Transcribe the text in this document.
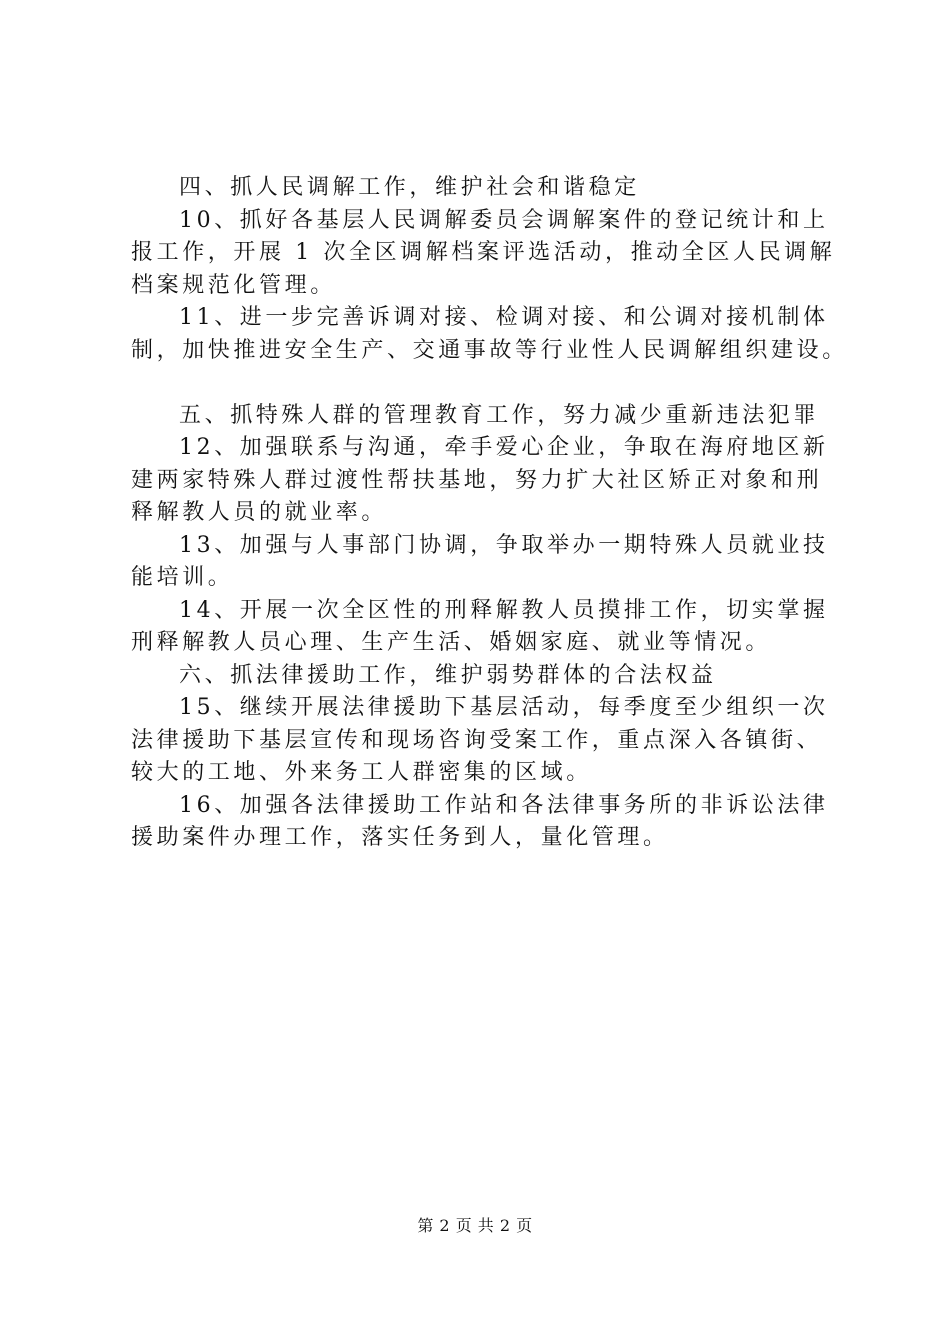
四、抓人民调解工作，维护社会和谐稳定
10、抓好各基层人民调解委员会调解案件的登记统计和上
报工作，开展 1 次全区调解档案评选活动，推动全区人民调解
档案规范化管理。
11、进一步完善诉调对接、检调对接、和公调对接机制体
制，加快推进安全生产、交通事故等行业性人民调解组织建设。
五、抓特殊人群的管理教育工作，努力减少重新违法犯罪
12、加强联系与沟通，牵手爱心企业，争取在海府地区新
建两家特殊人群过渡性帮扶基地，努力扩大社区矫正对象和刑
释解教人员的就业率。
13、加强与人事部门协调，争取举办一期特殊人员就业技
能培训。
14、开展一次全区性的刑释解教人员摸排工作，切实掌握
刑释解教人员心理、生产生活、婚姻家庭、就业等情况。
六、抓法律援助工作，维护弱势群体的合法权益
15、继续开展法律援助下基层活动，每季度至少组织一次
法律援助下基层宣传和现场咨询受案工作，重点深入各镇街、
较大的工地、外来务工人群密集的区域。
16、加强各法律援助工作站和各法律事务所的非诉讼法律
援助案件办理工作，落实任务到人，量化管理。
第 2 页 共 2 页
